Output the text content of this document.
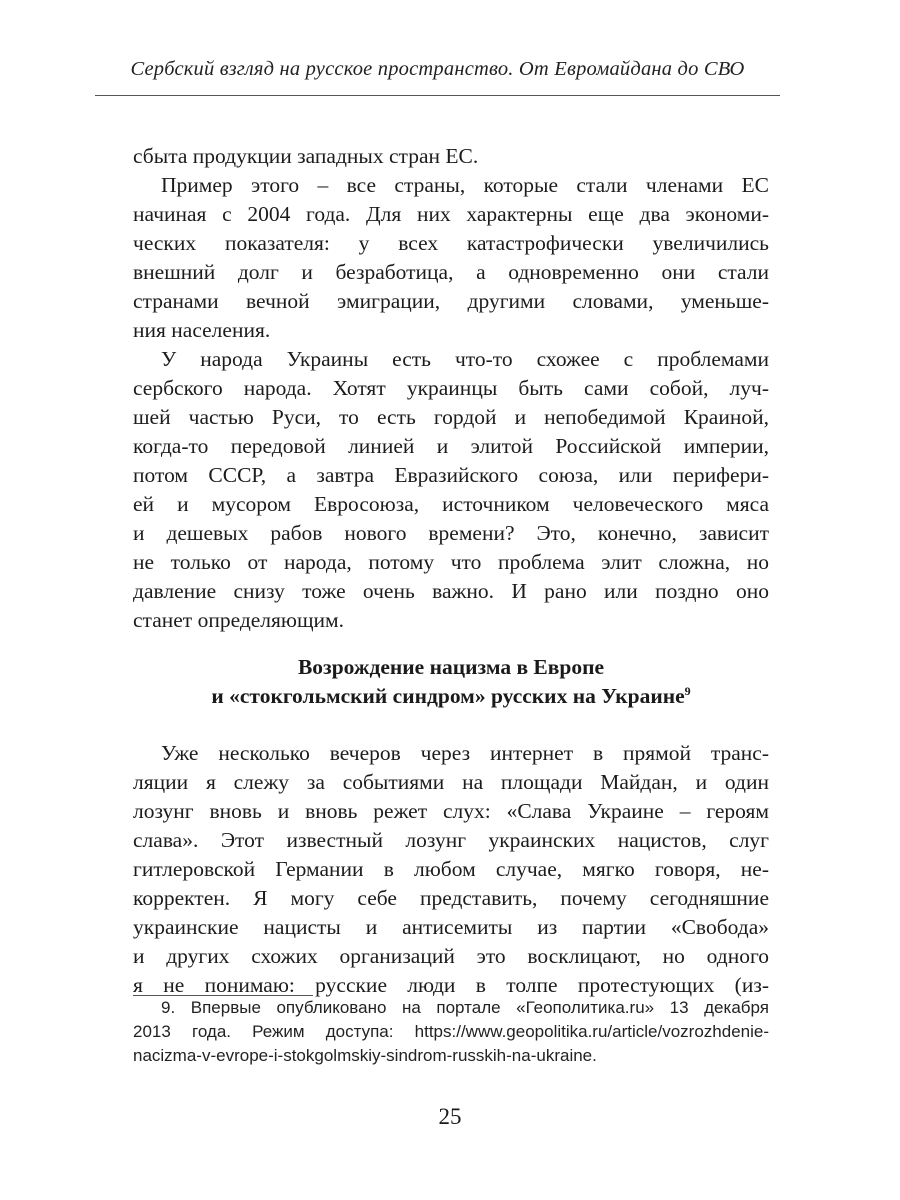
Сербский взгляд на русское пространство. От Евромайдана до СВО

сбыта продукции западных стран ЕС.

Пример этого – все страны, которые стали членами ЕС

начиная с 2004 года. Для них характерны еще два экономи-

ческих показателя: у всех катастрофически увеличились

внешний долг и безработица, а одновременно они стали

странами вечной эмиграции, другими словами, уменьше-

ния населения.

У народа Украины есть что-то схожее с проблемами

сербского народа. Хотят украинцы быть сами собой, луч-

шей частью Руси, то есть гордой и непобедимой Краиной,

когда-то передовой линией и элитой Российской империи,

потом СССР, а завтра Евразийского союза, или перифери-

ей и мусором Евросоюза, источником человеческого мяса

и дешевых рабов нового времени? Это, конечно, зависит

не только от народа, потому что проблема элит сложна, но

давление снизу тоже очень важно. И рано или поздно оно

станет определяющим.

Возрождение нацизма в Европе
и «стокгольмский синдром» русских на Украине$^9$

Уже несколько вечеров через интернет в прямой транс-

ляции я слежу за событиями на площади Майдан, и один

лозунг вновь и вновь режет слух: «Слава Украине – героям

слава». Этот известный лозунг украинских нацистов, слуг

гитлеровской Германии в любом случае, мягко говоря, не-

корректен. Я могу себе представить, почему сегодняшние

украинские нацисты и антисемиты из партии «Свобода»

и других схожих организаций это восклицают, но одного

я не понимаю: русские люди в толпе протестующих (из-

9. Впервые опубликовано на портале «Геополитика.ru» 13 декабря

2013 года. Режим доступа: https://www.geopolitika.ru/article/vozrozhdenie-

nacizma-v-evrope-i-stokgolmskiy-sindrom-russkih-na-ukraine.

25
